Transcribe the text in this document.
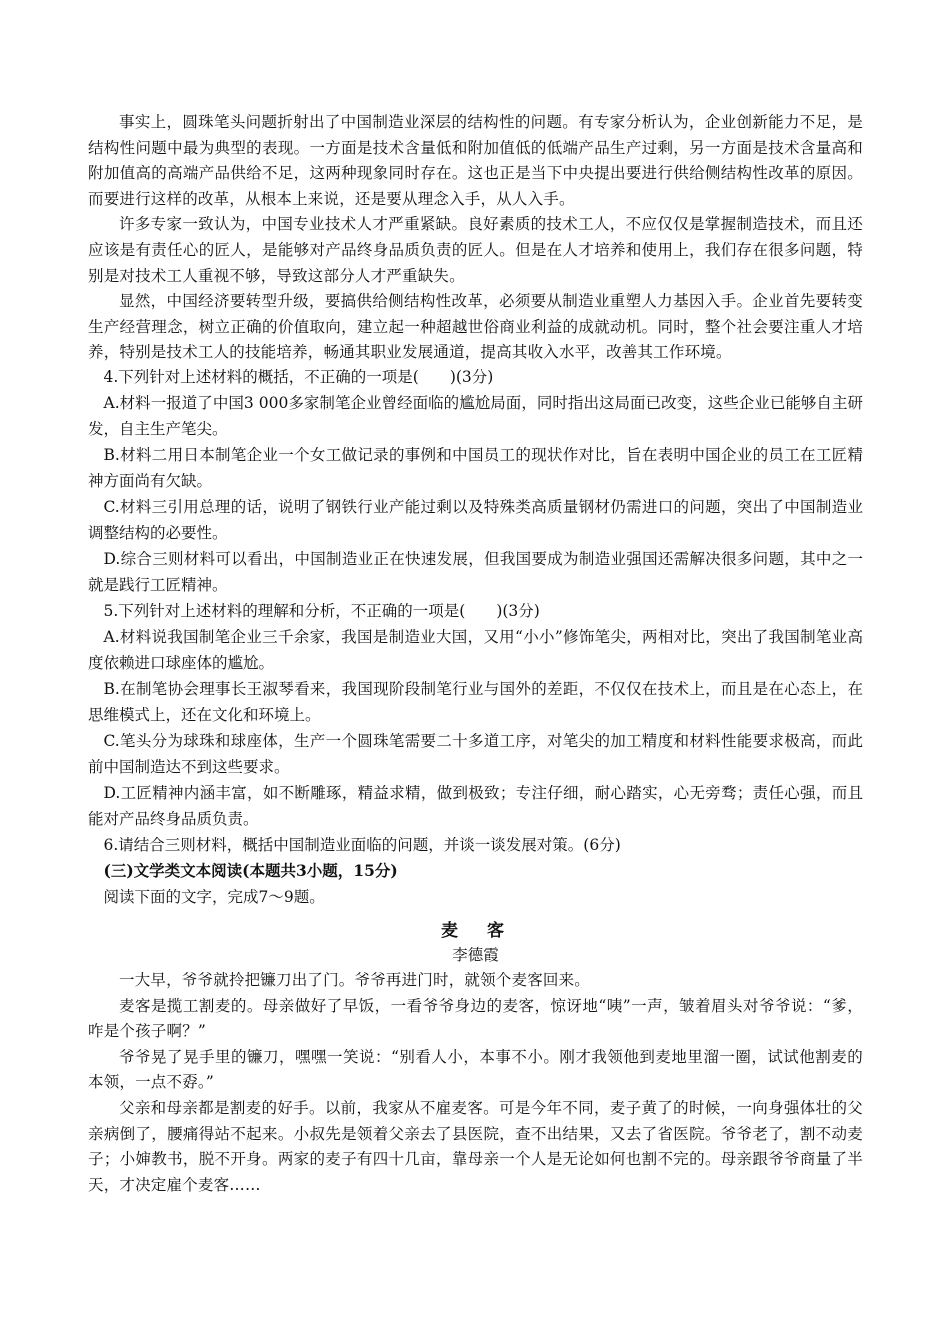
事实上，圆珠笔头问题折射出了中国制造业深层的结构性的问题。有专家分析认为，企业创新能力不足，是结构性问题中最为典型的表现。一方面是技术含量低和附加值低的低端产品生产过剩，另一方面是技术含量高和附加值高的高端产品供给不足，这两种现象同时存在。这也正是当下中央提出要进行供给侧结构性改革的原因。而要进行这样的改革，从根本上来说，还是要从理念入手，从人入手。

许多专家一致认为，中国专业技术人才严重紧缺。良好素质的技术工人，不应仅仅是掌握制造技术，而且还应该是有责任心的匠人，是能够对产品终身品质负责的匠人。但是在人才培养和使用上，我们存在很多问题，特别是对技术工人重视不够，导致这部分人才严重缺失。

显然，中国经济要转型升级，要搞供给侧结构性改革，必须要从制造业重塑人力基因入手。企业首先要转变生产经营理念，树立正确的价值取向，建立起一种超越世俗商业利益的成就动机。同时，整个社会要注重人才培养，特别是技术工人的技能培养，畅通其职业发展通道，提高其收入水平，改善其工作环境。

4.下列针对上述材料的概括，不正确的一项是(　　)(3分)

A.材料一报道了中国3 000多家制笔企业曾经面临的尴尬局面，同时指出这局面已改变，这些企业已能够自主研发，自主生产笔尖。

B.材料二用日本制笔企业一个女工做记录的事例和中国员工的现状作对比，旨在表明中国企业的员工在工匠精神方面尚有欠缺。

C.材料三引用总理的话，说明了钢铁行业产能过剩以及特殊类高质量钢材仍需进口的问题，突出了中国制造业调整结构的必要性。

D.综合三则材料可以看出，中国制造业正在快速发展，但我国要成为制造业强国还需解决很多问题，其中之一就是践行工匠精神。

5.下列针对上述材料的理解和分析，不正确的一项是(　　)(3分)

A.材料说我国制笔企业三千余家，我国是制造业大国，又用“小小”修饰笔尖，两相对比，突出了我国制笔业高度依赖进口球座体的尴尬。

B.在制笔协会理事长王淑琴看来，我国现阶段制笔行业与国外的差距，不仅仅在技术上，而且是在心态上，在思维模式上，还在文化和环境上。

C.笔头分为球珠和球座体，生产一个圆珠笔需要二十多道工序，对笔尖的加工精度和材料性能要求极高，而此前中国制造达不到这些要求。

D.工匠精神内涵丰富，如不断雕琢，精益求精，做到极致；专注仔细，耐心踏实，心无旁骛；责任心强，而且能对产品终身品质负责。

6.请结合三则材料，概括中国制造业面临的问题，并谈一谈发展对策。(6分)

(三)文学类文本阅读(本题共3小题，15分)

阅读下面的文字，完成7～9题。

麦　客

李德霞

一大早，爷爷就拎把镰刀出了门。爷爷再进门时，就领个麦客回来。

麦客是揽工割麦的。母亲做好了早饭，一看爷爷身边的麦客，惊讶地“咦”一声，皱着眉头对爷爷说：“爹，咋是个孩子啊？”

爷爷晃了晃手里的镰刀，嘿嘿一笑说：“别看人小，本事不小。刚才我领他到麦地里溜一圈，试试他割麦的本领，一点不孬。”

父亲和母亲都是割麦的好手。以前，我家从不雇麦客。可是今年不同，麦子黄了的时候，一向身强体壮的父亲病倒了，腰痛得站不起来。小叔先是领着父亲去了县医院，查不出结果，又去了省医院。爷爷老了，割不动麦子；小婶教书，脱不开身。两家的麦子有四十几亩，靠母亲一个人是无论如何也割不完的。母亲跟爷爷商量了半天，才决定雇个麦客……
